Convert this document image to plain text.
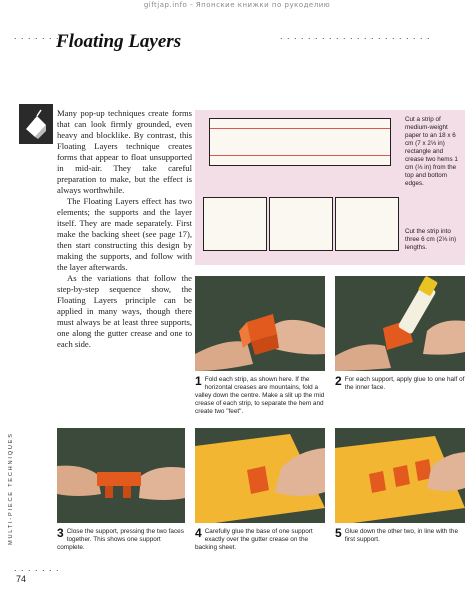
giftjap.info - Японские книжки по рукоделию
. . . . . . .	. . . . . . . . . . . . . . . . . . . . . .
Floating Layers

Many pop-up techniques create forms that can look firmly grounded, even heavy and blocklike. By contrast, this Floating Layers technique creates forms that appear to float unsupported in mid-air. They take careful preparation to make, but the effect is always worthwhile.

The Floating Layers effect has two elements; the supports and the layer itself. They are made separately. First make the backing sheet (see page 17), then start constructing this design by making the supports, and follow with the layer afterwards.

As the variations that follow the step-by-step sequence show, the Floating Layers principle can be applied in many ways, though there must always be at least three supports, one along the gutter crease and one to each side.

Cut a strip of medium-weight paper to an 18 x 6 cm (7 x 2⅓ in) rectangle and crease two hems 1 cm (⅓ in) from the top and bottom edges.
Cut the strip into three 6 cm (2⅓ in) lengths.
1 Fold each strip, as shown here. If the horizontal creases are mountains, fold a valley down the centre. Make a slit up the mid crease of each strip, to separate the hem and create two "feet".
2 For each support, apply glue to one half of the inner face.
3 Close the support, pressing the two faces together. This shows one support complete.
4 Carefully glue the base of one support exactly over the gutter crease on the backing sheet.
5 Glue down the other two, in line with the first support.
MULTI-PIECE TECHNIQUES
. . . . . . .
74
